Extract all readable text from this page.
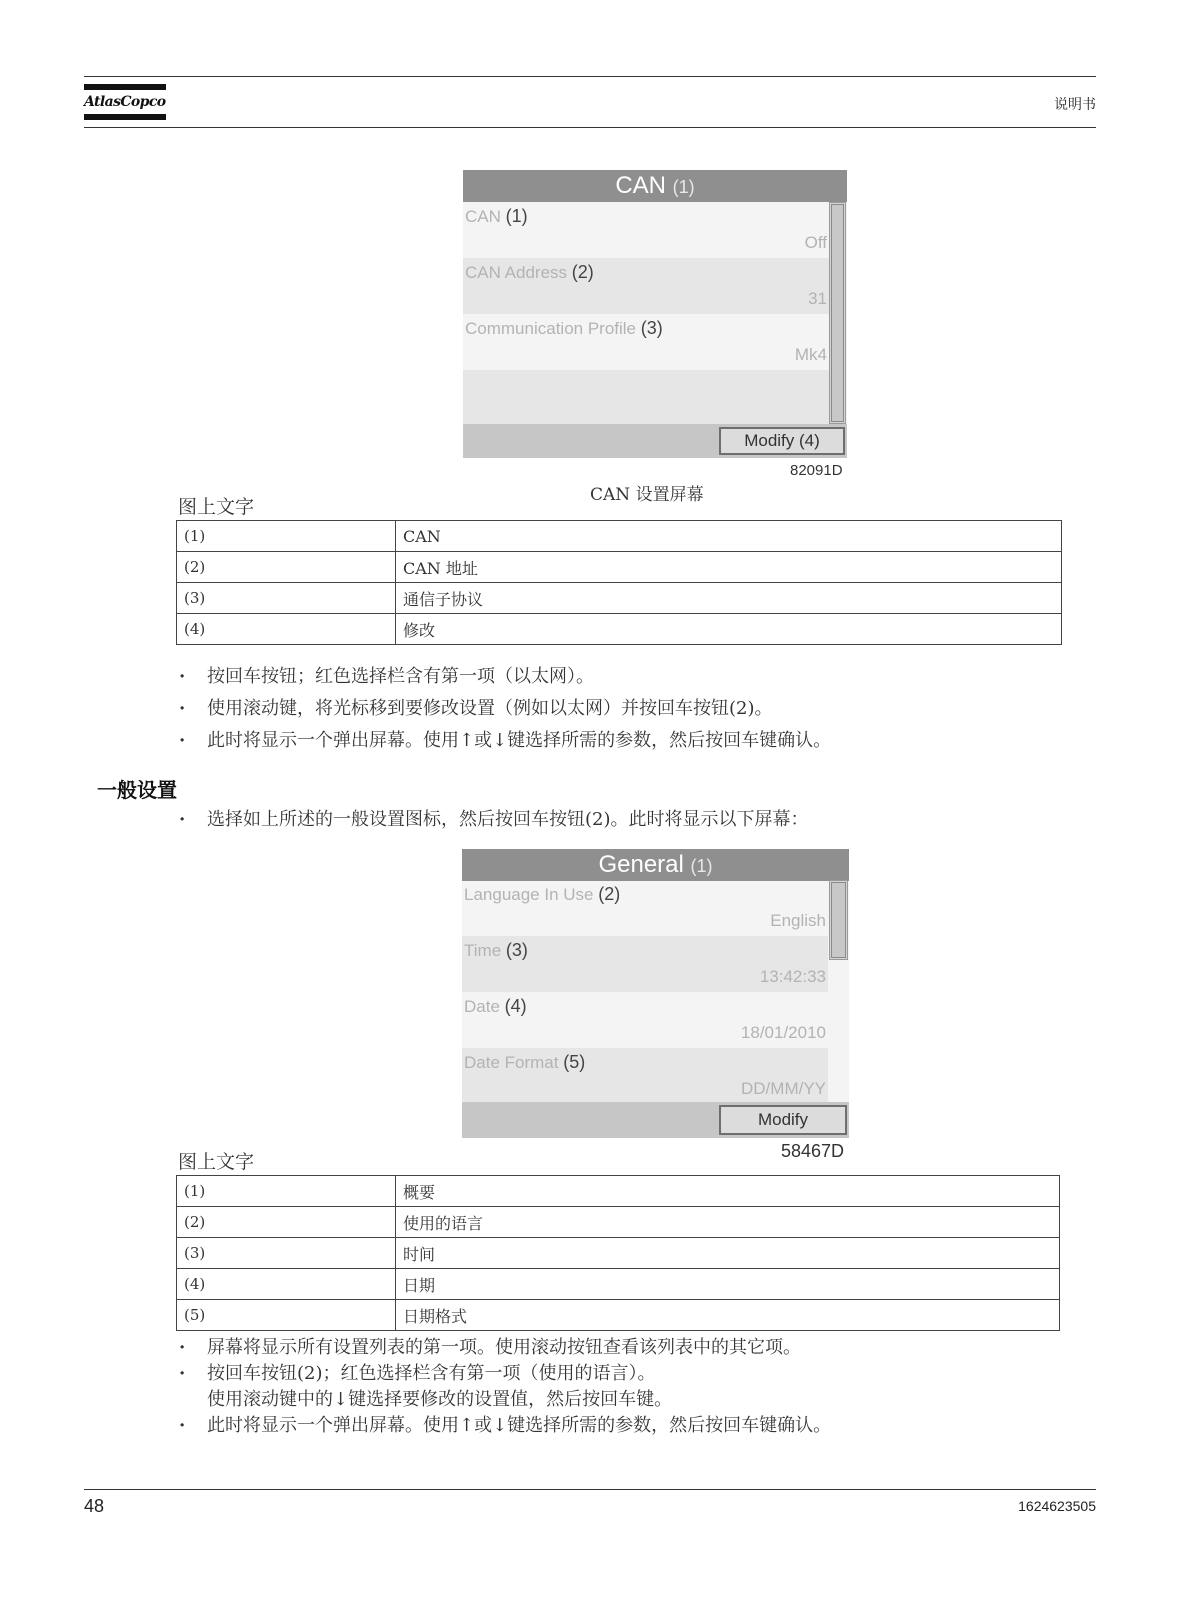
AtlasCopco	说明书
CAN (1)
CAN (1)
Off
CAN Address (2)
31
Communication Profile (3)
Mk4
Modify (4)
82091D
CAN 设置屏幕
图上文字
(1)	CAN
(2)	CAN 地址
(3)	通信子协议
(4)	修改
· 按回车按钮；红色选择栏含有第一项（以太网）。
· 使用滚动键，将光标移到要修改设置（例如以太网）并按回车按钮(2)。
· 此时将显示一个弹出屏幕。使用↑或↓键选择所需的参数，然后按回车键确认。
一般设置
· 选择如上所述的一般设置图标，然后按回车按钮(2)。此时将显示以下屏幕：
General (1)
Language In Use (2)
English
Time (3)
13:42:33
Date (4)
18/01/2010
Date Format (5)
DD/MM/YY
Modify
58467D
图上文字
(1)	概要
(2)	使用的语言
(3)	时间
(4)	日期
(5)	日期格式
· 屏幕将显示所有设置列表的第一项。使用滚动按钮查看该列表中的其它项。
· 按回车按钮(2)；红色选择栏含有第一项（使用的语言）。
使用滚动键中的↓键选择要修改的设置值，然后按回车键。
· 此时将显示一个弹出屏幕。使用↑或↓键选择所需的参数，然后按回车键确认。
48	1624623505
